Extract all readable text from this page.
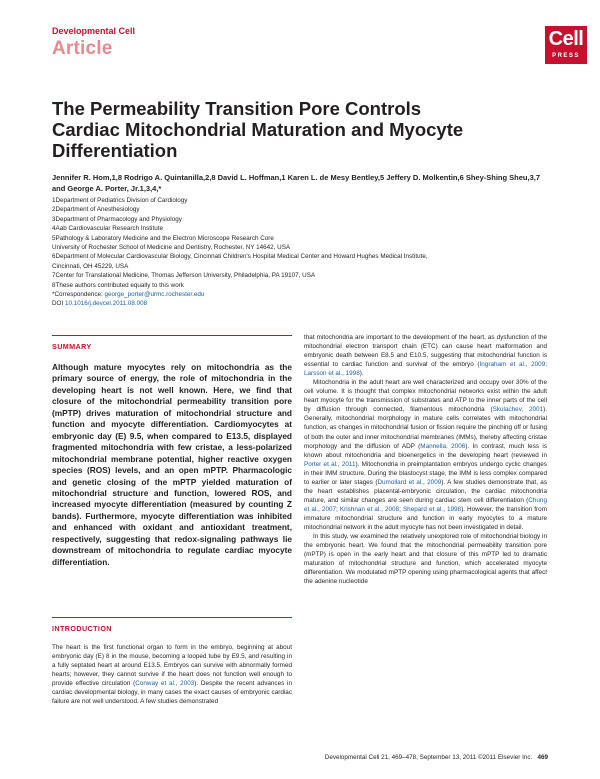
Developmental Cell
Article	Cell
PRESS
The Permeability Transition Pore Controls Cardiac Mitochondrial Maturation and Myocyte Differentiation
Jennifer R. Hom,1,8 Rodrigo A. Quintanilla,2,8 David L. Hoffman,1 Karen L. de Mesy Bentley,5 Jeffery D. Molkentin,6 Shey-Shing Sheu,3,7 and George A. Porter, Jr.1,3,4,*
1Department of Pediatrics Division of Cardiology
2Department of Anesthesiology
3Department of Pharmacology and Physiology
4Aab Cardiovascular Research Institute
5Pathology & Laboratory Medicine and the Electron Microscope Research Core
University of Rochester School of Medicine and Dentistry, Rochester, NY 14642, USA
6Department of Molecular Cardiovascular Biology, Cincinnati Children's Hospital Medical Center and Howard Hughes Medical Institute,
Cincinnati, OH 45229, USA
7Center for Translational Medicine, Thomas Jefferson University, Philadelphia, PA 19107, USA
8These authors contributed equally to this work
*Correspondence: george_porter@urmc.rochester.edu
DOI 10.1016/j.devcel.2011.08.008
SUMMARY
Although mature myocytes rely on mitochondria as the primary source of energy, the role of mitochondria in the developing heart is not well known. Here, we find that closure of the mitochondrial permeability transition pore (mPTP) drives maturation of mitochondrial structure and function and myocyte differentiation. Cardiomyocytes at embryonic day (E) 9.5, when compared to E13.5, displayed fragmented mitochondria with few cristae, a less-polarized mitochondrial membrane potential, higher reactive oxygen species (ROS) levels, and an open mPTP. Pharmacologic and genetic closing of the mPTP yielded maturation of mitochondrial structure and function, lowered ROS, and increased myocyte differentiation (measured by counting Z bands). Furthermore, myocyte differentiation was inhibited and enhanced with oxidant and antioxidant treatment, respectively, suggesting that redox-signaling pathways lie downstream of mitochondria to regulate cardiac myocyte differentiation.
INTRODUCTION
The heart is the first functional organ to form in the embryo, beginning at about embryonic day (E) 8 in the mouse, becoming a looped tube by E9.5, and resulting in a fully septated heart at around E13.5. Embryos can survive with abnormally formed hearts; however, they cannot survive if the heart does not function well enough to provide effective circulation (Conway et al., 2003). Despite the recent advances in cardiac developmental biology, in many cases the exact causes of embryonic cardiac failure are not well understood. A few studies demonstrated

that mitochondria are important to the development of the heart, as dysfunction of the mitochondrial electron transport chain (ETC) can cause heart malformation and embryonic death between E8.5 and E10.5, suggesting that mitochondrial function is essential to cardiac function and survival of the embryo (Ingraham et al., 2009; Larsson et al., 1998).

Mitochondria in the adult heart are well characterized and occupy over 30% of the cell volume. It is thought that complex mitochondrial networks exist within the adult heart myocyte for the transmission of substrates and ATP to the inner parts of the cell by diffusion through connected, filamentous mitochondria (Skulachev, 2001). Generally, mitochondrial morphology in mature cells correlates with mitochondrial function, as changes in mitochondrial fusion or fission require the pinching off or fusing of both the outer and inner mitochondrial membranes (IMMs), thereby affecting cristae morphology and the diffusion of ADP (Mannella, 2006). In contrast, much less is known about mitochondria and bioenergetics in the developing heart (reviewed in Porter et al., 2011). Mitochondria in preimplantation embryos undergo cyclic changes in their IMM structure. During the blastocyst stage, the IMM is less complex compared to earlier or later stages (Dumollard et al., 2009). A few studies demonstrate that, as the heart establishes placental-embryonic circulation, the cardiac mitochondria mature, and similar changes are seen during cardiac stem cell differentiation (Chung et al., 2007; Krishnan et al., 2008; Shepard et al., 1998). However, the transition from immature mitochondrial structure and function in early myocytes to a mature mitochondrial network in the adult myocyte has not been investigated in detail.

In this study, we examined the relatively unexplored role of mitochondrial biology in the embryonic heart. We found that the mitochondrial permeability transition pore (mPTP) is open in the early heart and that closure of this mPTP led to dramatic maturation of mitochondrial structure and function, which accelerated myocyte differentiation. We modulated mPTP opening using pharmacological agents that affect the adenine nucleotide

Developmental Cell 21, 469–478, September 13, 2011 ©2011 Elsevier Inc. 469
